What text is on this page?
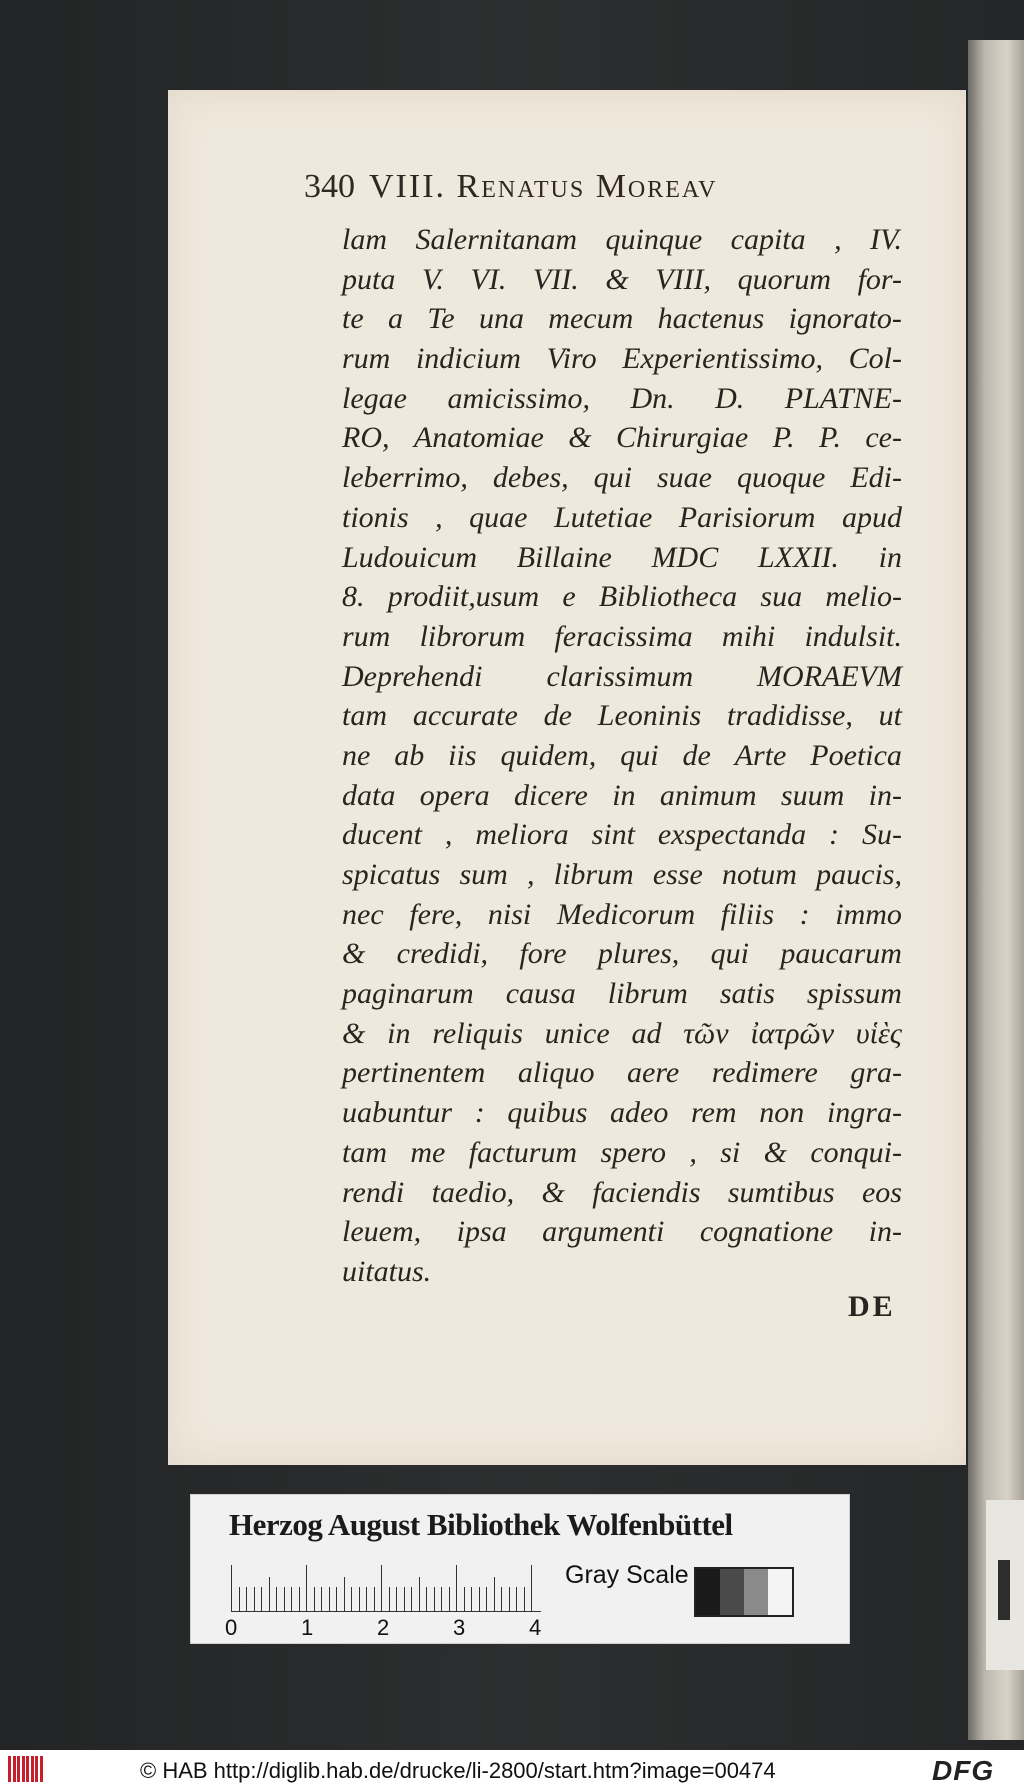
340 VIII. Renatus Moreav
lam Salernitanam quinque capita , IV.
puta V. VI. VII. & VIII, quorum for-
te a Te una mecum hactenus ignorato-
rum indicium Viro Experientissimo, Col-
legae amicissimo, Dn. D. PLATNE-
RO, Anatomiae & Chirurgiae P. P. ce-
leberrimo, debes, qui suae quoque Edi-
tionis , quae Lutetiae Parisiorum apud
Ludouicum Billaine MDC LXXII. in
8. prodiit,usum e Bibliotheca sua melio-
rum librorum feracissima mihi indulsit.
Deprehendi clarissimum MORAEVM
tam accurate de Leoninis tradidisse, ut
ne ab iis quidem, qui de Arte Poetica
data opera dicere in animum suum in-
ducent , meliora sint exspectanda : Su-
spicatus sum , librum esse notum paucis,
nec fere, nisi Medicorum filiis : immo
& credidi, fore plures, qui paucarum
paginarum causa librum satis spissum
& in reliquis unice ad τῶν ἰατρῶν υἱὲς
pertinentem aliquo aere redimere gra-
uabuntur : quibus adeo rem non ingra-
tam me facturum spero , si & conqui-
rendi taedio, & faciendis sumtibus eos
leuem, ipsa argumenti cognatione in-
uitatus.
DE
Herzog August Bibliothek Wolfenbüttel
Gray Scale
0	1	2	3	4
© HAB http://diglib.hab.de/drucke/li-2800/start.htm?image=00474	DFG
